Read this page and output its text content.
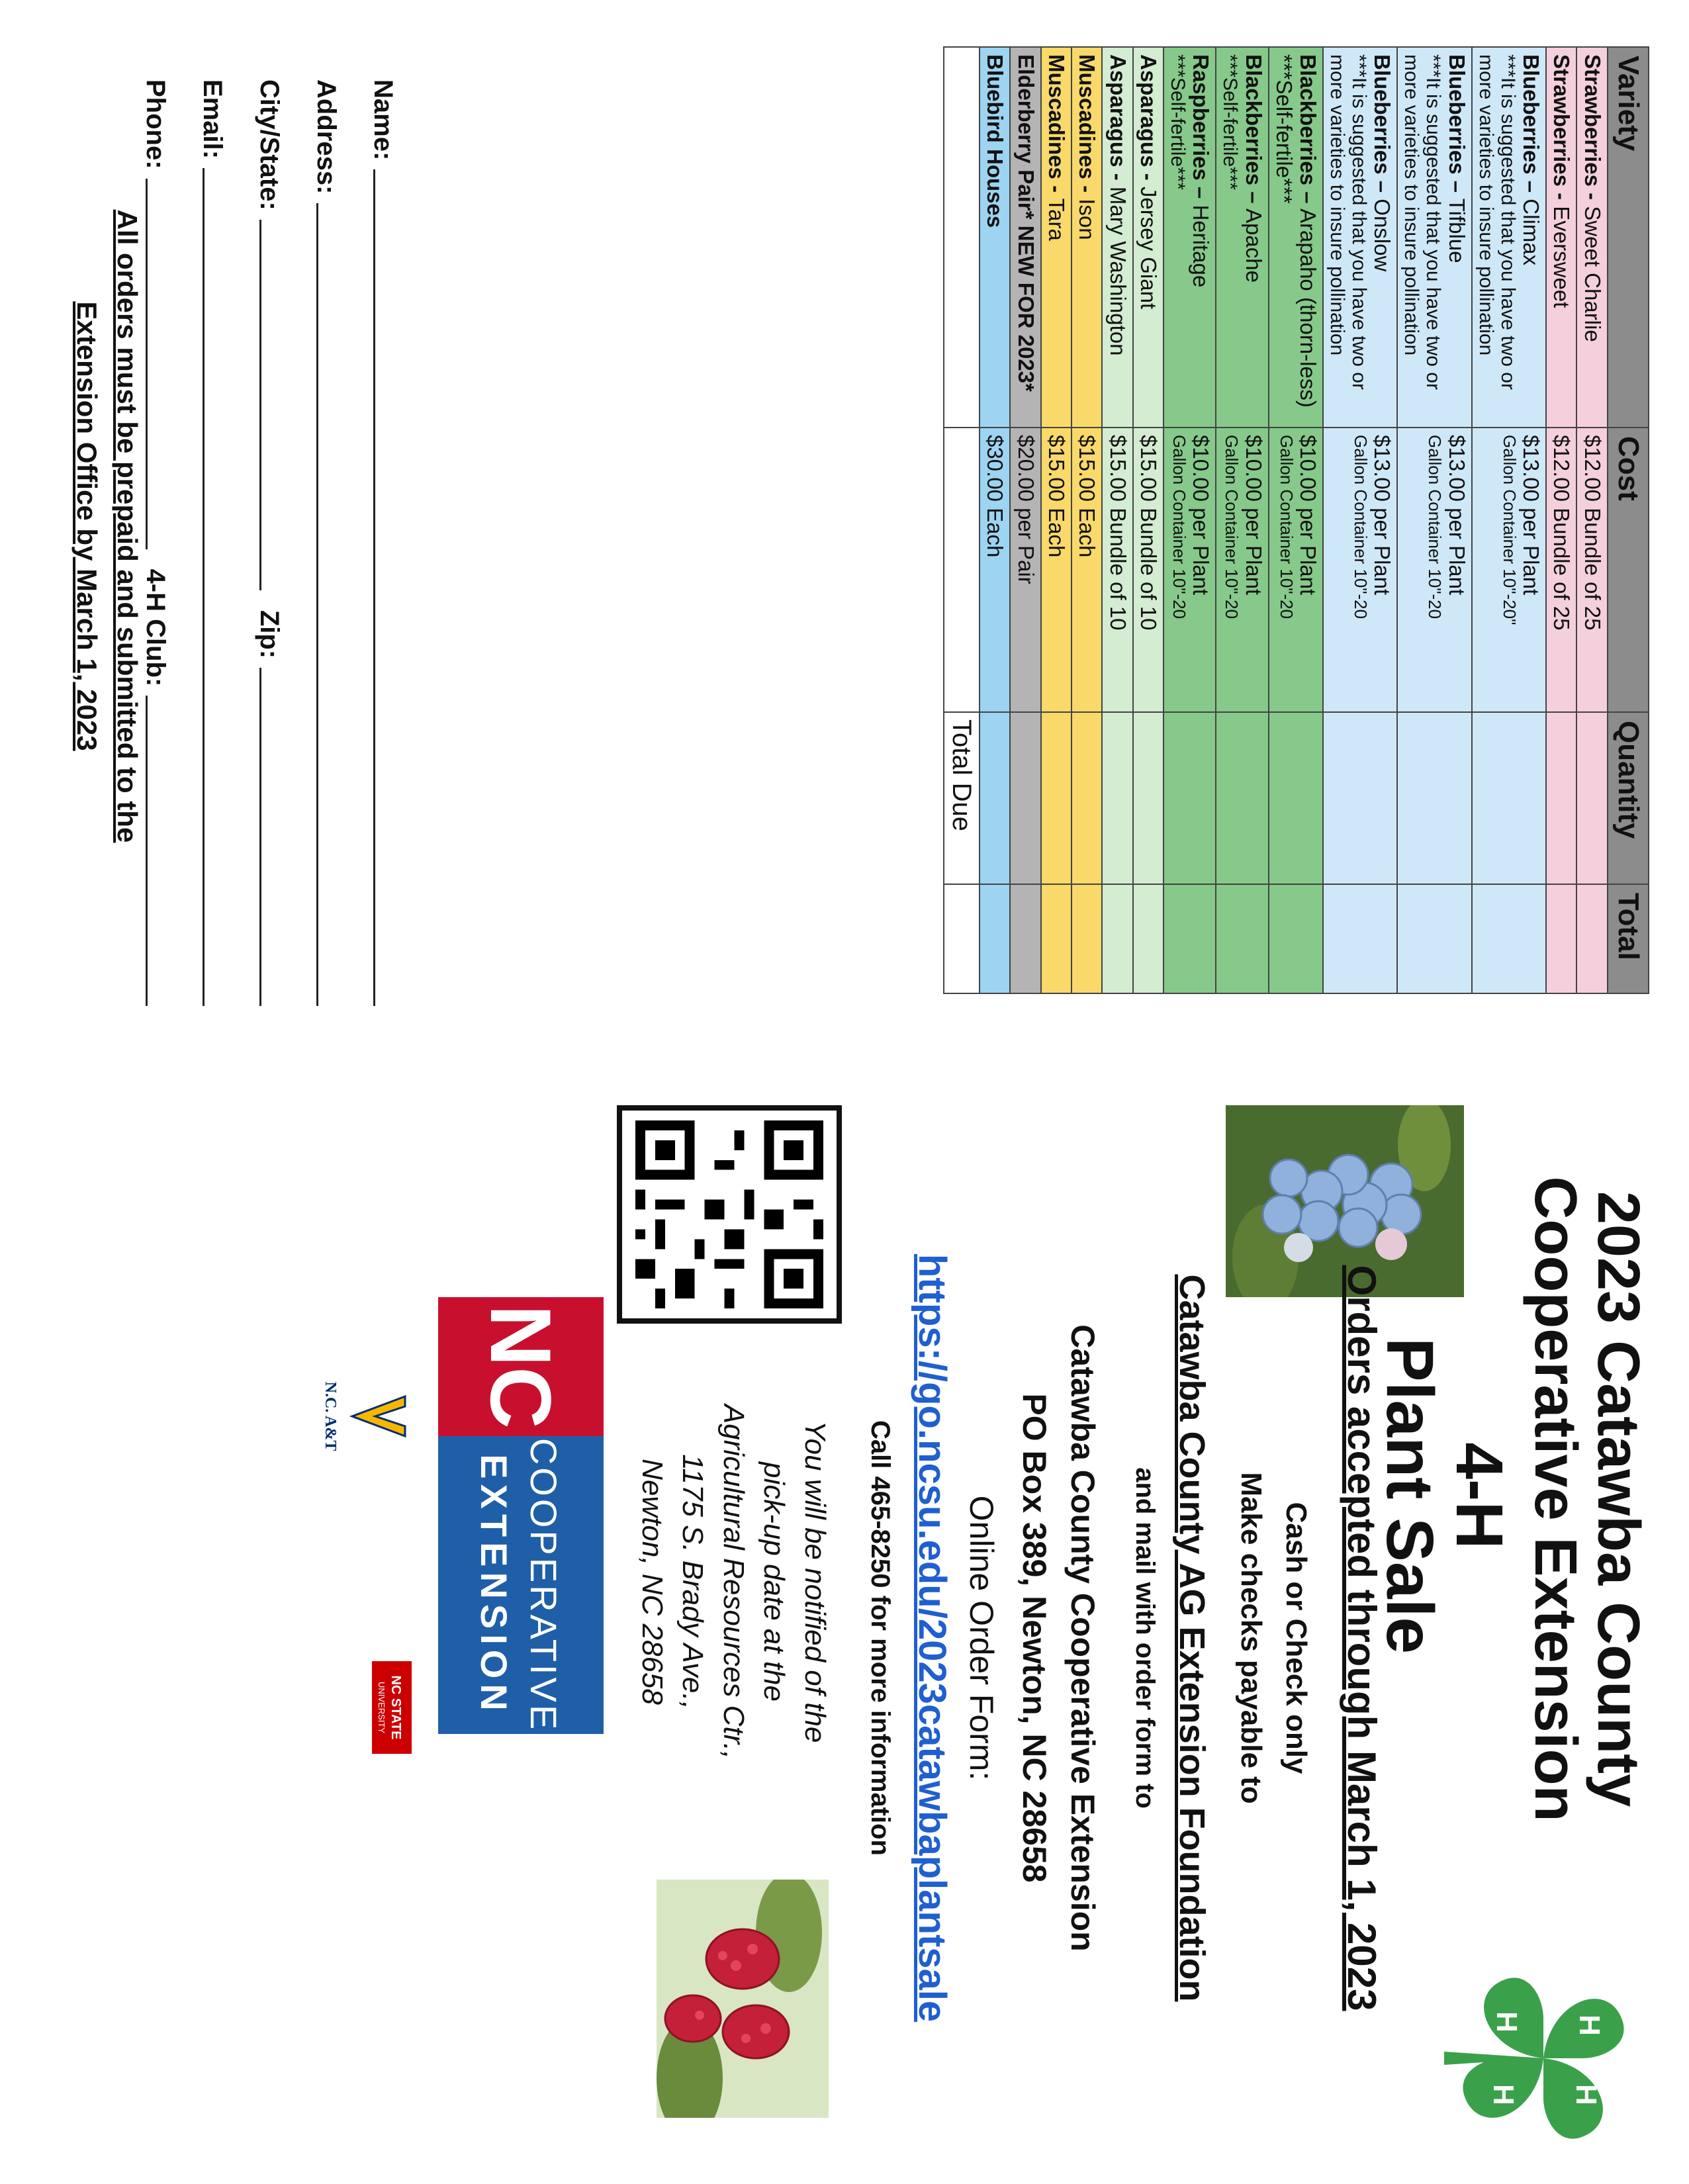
Variety	Cost	Quantity	Total
Strawberries - Sweet Charlie	$12.00 Bundle of 25		
Strawberries - Eversweet	$12.00 Bundle of 25		
Blueberries – Climax
***It is suggested that you have two or more varieties to insure pollination	$13.00 per Plant
Gallon Container 10"-20"		

Blueberries – Tifblue
***It is suggested that you have two or more varieties to insure pollination	$13.00 per Plant
Gallon Container 10"-20		

Blueberries – Onslow
***It is suggested that you have two or more varieties to insure pollination	$13.00 per Plant
Gallon Container 10"-20		

Blackberries – Arapaho (thorn-less) ***Self-fertile***	$10.00 per Plant
Gallon Container 10"-20		

Blackberries – Apache
***Self-fertile***	$10.00 per Plant
Gallon Container 10"-20		

Raspberries – Heritage
***Self-fertile***	$10.00 per Plant
Gallon Container 10"-20		

Asparagus - Jersey Giant	$15.00 Bundle of 10		
Asparagus - Mary Washington	$15.00 Bundle of 10		
Muscadines - Ison	$15.00 Each		
Muscadines - Tara	$15.00 Each		
Elderberry Pair* NEW FOR 2023*	$20.00 per Pair		
Bluebird Houses	$30.00 Each		
		Total Due	
Name:
Address:
City/State:
Zip:
Email:
Phone:
4-H Club:
All orders must be prepaid and submitted to the
Extension Office by March 1, 2023
2023 Catawba County
Cooperative Extension
4-H
Plant Sale
H
H
H
H
Orders accepted through March 1, 2023
Cash or Check only
Make checks payable to
Catawba County AG Extension Foundation
and mail with order form to
Catawba County Cooperative Extension
PO Box 389, Newton, NC 28658
Online Order Form:
https://go.ncsu.edu/2023catawbaplantsale
Call 465-8250 for more information
You will be notified of the
pick-up date at the
Agricultural Resources Ctr.,
1175 S. Brady Ave.,
Newton, NC 28658
NC
COOPERATIVE
EXTENSION
N.C. A&T
NC STATE
UNIVERSITY
